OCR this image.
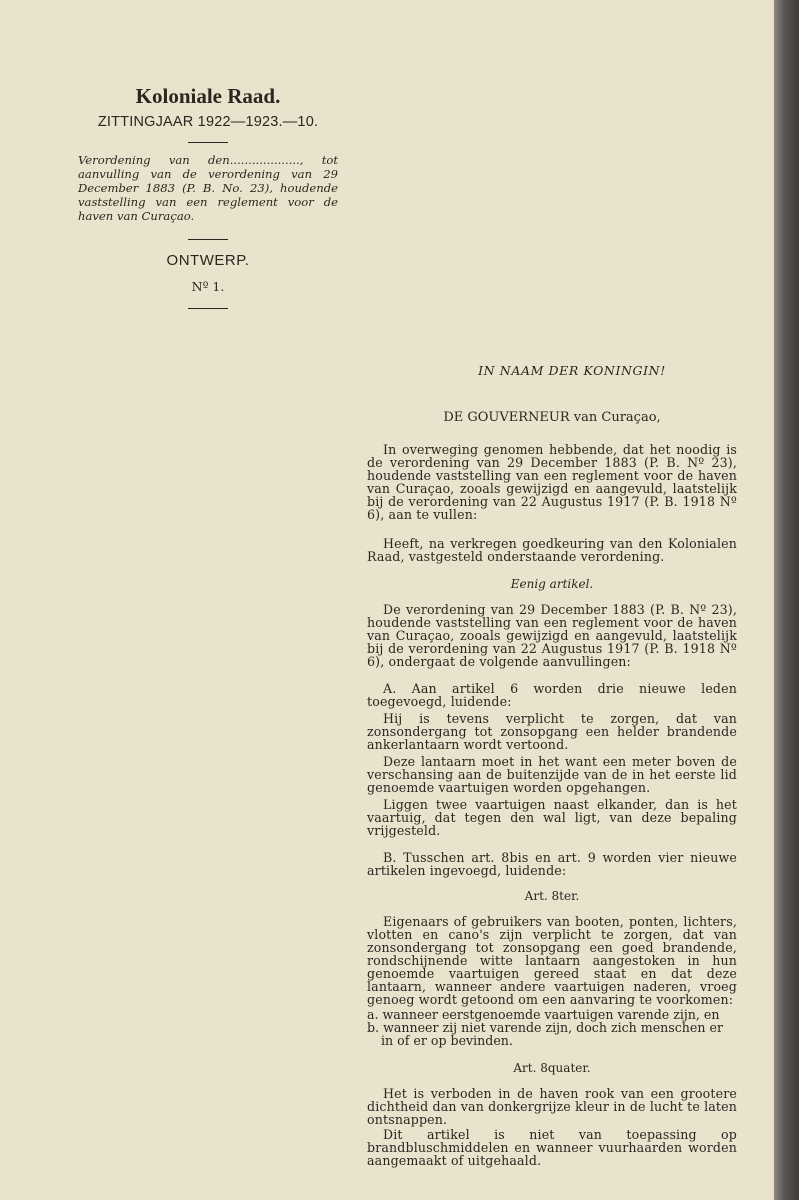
Koloniale Raad.
ZITTINGJAAR 1922—1923.—10.
Verordening van den..................., tot aanvulling van de verordening van 29 December 1883 (P. B. No. 23), houdende vaststelling van een reglement voor de haven van Curaçao.
ONTWERP.
Nº 1.
IN NAAM DER KONINGIN!
DE GOUVERNEUR van Curaçao,

In overweging genomen hebbende, dat het noodig is de verordening van 29 December 1883 (P. B. Nº 23), houdende vaststelling van een reglement voor de haven van Curaçao, zooals gewijzigd en aangevuld, laatstelijk bij de verordening van 22 Augustus 1917 (P. B. 1918 Nº 6), aan te vullen:

Heeft, na verkregen goedkeuring van den Kolonialen Raad, vastgesteld onderstaande verordening.

Eenig artikel.

De verordening van 29 December 1883 (P. B. Nº 23), houdende vaststelling van een reglement voor de haven van Curaçao, zooals gewijzigd en aangevuld, laatstelijk bij de verordening van 22 Augustus 1917 (P. B. 1918 Nº 6), ondergaat de volgende aanvullingen:

A. Aan artikel 6 worden drie nieuwe leden toegevoegd, luidende:

Hij is tevens verplicht te zorgen, dat van zonsondergang tot zonsopgang een helder brandende ankerlantaarn wordt vertoond.

Deze lantaarn moet in het want een meter boven de verschansing aan de buitenzijde van de in het eerste lid genoemde vaartuigen worden opgehangen.

Liggen twee vaartuigen naast elkander, dan is het vaartuig, dat tegen den wal ligt, van deze bepaling vrijgesteld.

B. Tusschen art. 8bis en art. 9 worden vier nieuwe artikelen ingevoegd, luidende:

Art. 8ter.

Eigenaars of gebruikers van booten, ponten, lichters, vlotten en cano's zijn verplicht te zorgen, dat van zonsondergang tot zonsopgang een goed brandende, rondschijnende witte lantaarn aangestoken in hun genoemde vaartuigen gereed staat en dat deze lantaarn, wanneer andere vaartuigen naderen, vroeg genoeg wordt getoond om een aanvaring te voorkomen:

a. wanneer eerstgenoemde vaartuigen varende zijn, en
b. wanneer zij niet varende zijn, doch zich menschen er in of er op bevinden.
Art. 8quater.

Het is verboden in de haven rook van een grootere dichtheid dan van donkergrijze kleur in de lucht te laten ontsnappen.

Dit artikel is niet van toepassing op brandbluschmiddelen en wanneer vuurhaarden worden aangemaakt of uitgehaald.
